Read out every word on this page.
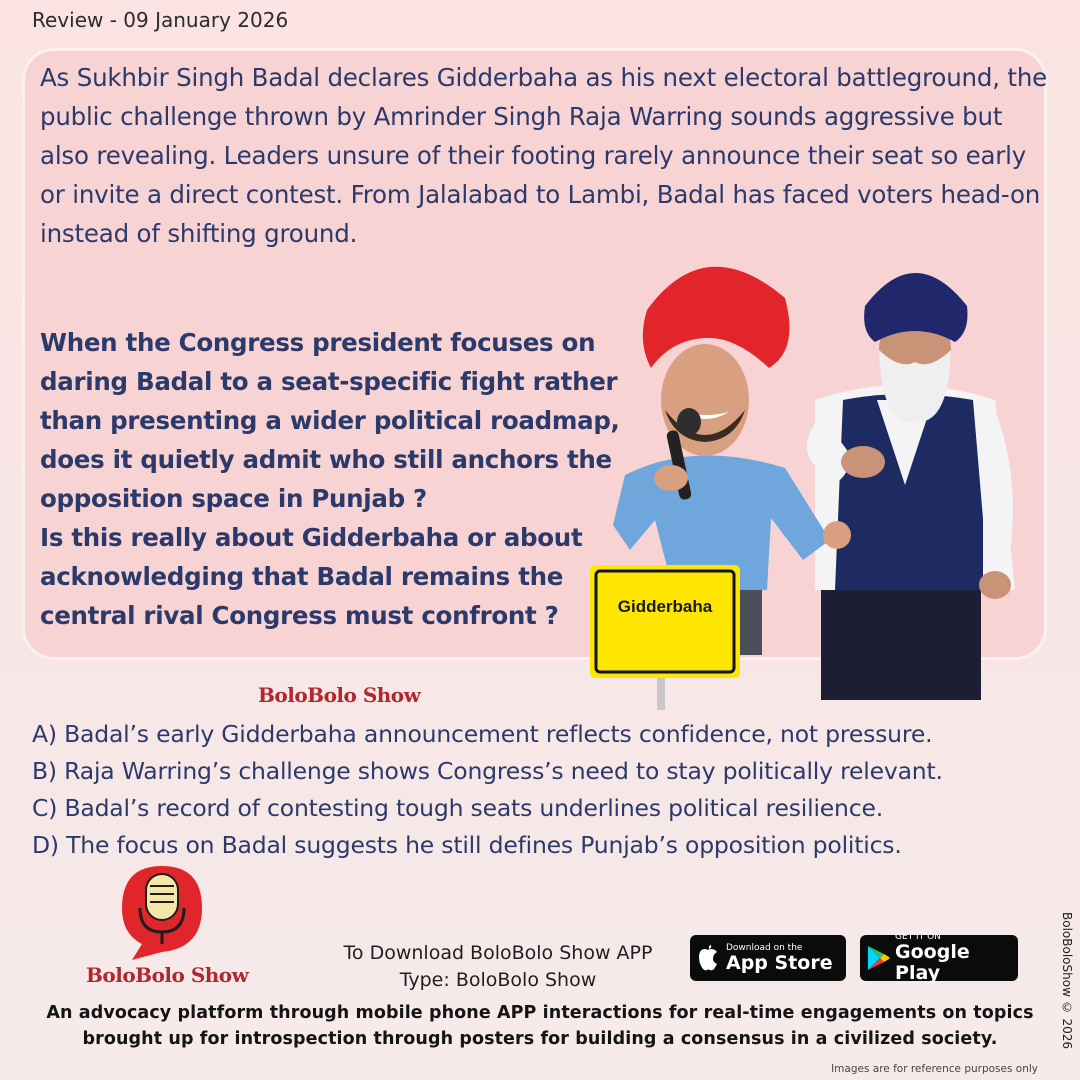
Review - 09 January 2026
As Sukhbir Singh Badal declares Gidderbaha as his next electoral battleground, the public challenge thrown by Amrinder Singh Raja Warring sounds aggressive but also revealing. Leaders unsure of their footing rarely announce their seat so early or invite a direct contest. From Jalalabad to Lambi, Badal has faced voters head-on instead of shifting ground.

When the Congress president focuses on daring Badal to a seat-specific fight rather than presenting a wider political roadmap, does it quietly admit who still anchors the opposition space in Punjab ?

Is this really about Gidderbaha or about acknowledging that Badal remains the central rival Congress must confront ?	Gidderbaha
BoloBolo Show
A) Badal’s early Gidderbaha announcement reflects confidence, not pressure.
B) Raja Warring’s challenge shows Congress’s need to stay politically relevant.
C) Badal’s record of contesting tough seats underlines political resilience.
D) The focus on Badal suggests he still defines Punjab’s opposition politics.
BoloBolo Show
To Download BoloBolo Show APP
Type: BoloBolo Show
Download on the
App Store
GET IT ON
Google Play
An advocacy platform through mobile phone APP interactions for real-time engagements on topics brought up for introspection through posters for building a consensus in a civilized society.	BoloBoloShow © 2026
Images are for reference purposes only
